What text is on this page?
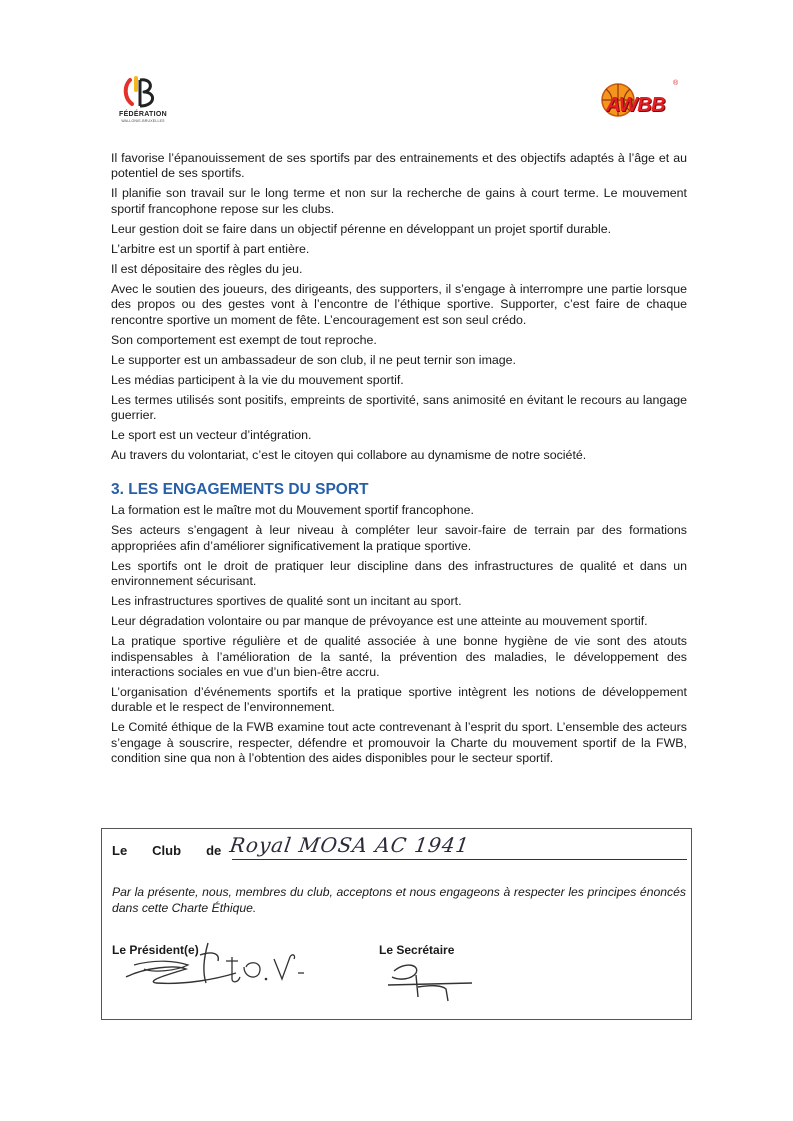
FÉDÉRATION
WALLONIE-BRUXELLES
AWBB
®

Il favorise l’épanouissement de ses sportifs par des entrainements et des objectifs adaptés à l’âge et au potentiel de ses sportifs.

Il planifie son travail sur le long terme et non sur la recherche de gains à court terme. Le mouvement sportif francophone repose sur les clubs.

Leur gestion doit se faire dans un objectif pérenne en développant un projet sportif durable.

L’arbitre est un sportif à part entière.

Il est dépositaire des règles du jeu.

Avec le soutien des joueurs, des dirigeants, des supporters, il s’engage à interrompre une partie lorsque des propos ou des gestes vont à l’encontre de l’éthique sportive. Supporter, c’est faire de chaque rencontre sportive un moment de fête. L’encouragement est son seul crédo.

Son comportement est exempt de tout reproche.

Le supporter est un ambassadeur de son club, il ne peut ternir son image.

Les médias participent à la vie du mouvement sportif.

Les termes utilisés sont positifs, empreints de sportivité, sans animosité en évitant le recours au langage guerrier.

Le sport est un vecteur d’intégration.

Au travers du volontariat, c’est le citoyen qui collabore au dynamisme de notre société.

3. LES ENGAGEMENTS DU SPORT

La formation est le maître mot du Mouvement sportif francophone.

Ses acteurs s’engagent à leur niveau à compléter leur savoir-faire de terrain par des formations appropriées afin d’améliorer significativement la pratique sportive.

Les sportifs ont le droit de pratiquer leur discipline dans des infrastructures de qualité et dans un environnement sécurisant.

Les infrastructures sportives de qualité sont un incitant au sport.

Leur dégradation volontaire ou par manque de prévoyance est une atteinte au mouvement sportif.

La pratique sportive régulière et de qualité associée à une bonne hygiène de vie sont des atouts indispensables à l’amélioration de la santé, la prévention des maladies, le développement des interactions sociales en vue d’un bien-être accru.

L’organisation d’événements sportifs et la pratique sportive intègrent les notions de développement durable et le respect de l’environnement.

Le Comité éthique de la FWB examine tout acte contrevenant à l’esprit du sport. L’ensemble des acteurs s’engage à souscrire, respecter, défendre et promouvoir la Charte du mouvement sportif de la FWB, condition sine qua non à l’obtention des aides disponibles pour le secteur sportif.

Le Club de Royal MOSA AC 1941
Par la présente, nous, membres du club, acceptons et nous engageons à respecter les principes énoncés dans cette Charte Éthique.
Le Président(e)	Le Secrétaire
